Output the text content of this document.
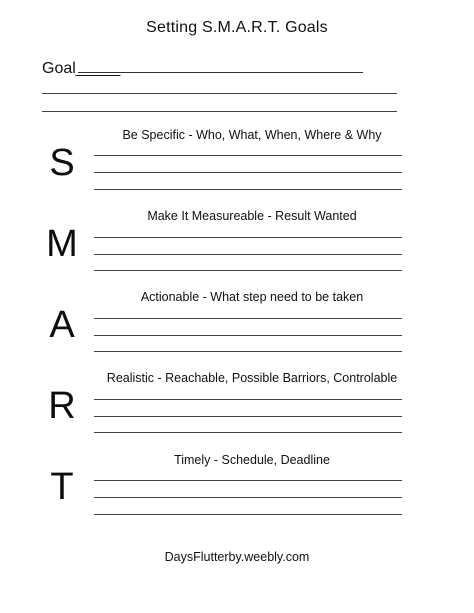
Setting S.M.A.R.T. Goals
Goal_____
S
Be Specific - Who, What, When, Where & Why
M
Make It Measureable - Result Wanted
A
Actionable - What step need to be taken
R
Realistic - Reachable, Possible Barriors, Controlable
T
Timely - Schedule, Deadline
DaysFlutterby.weebly.com
